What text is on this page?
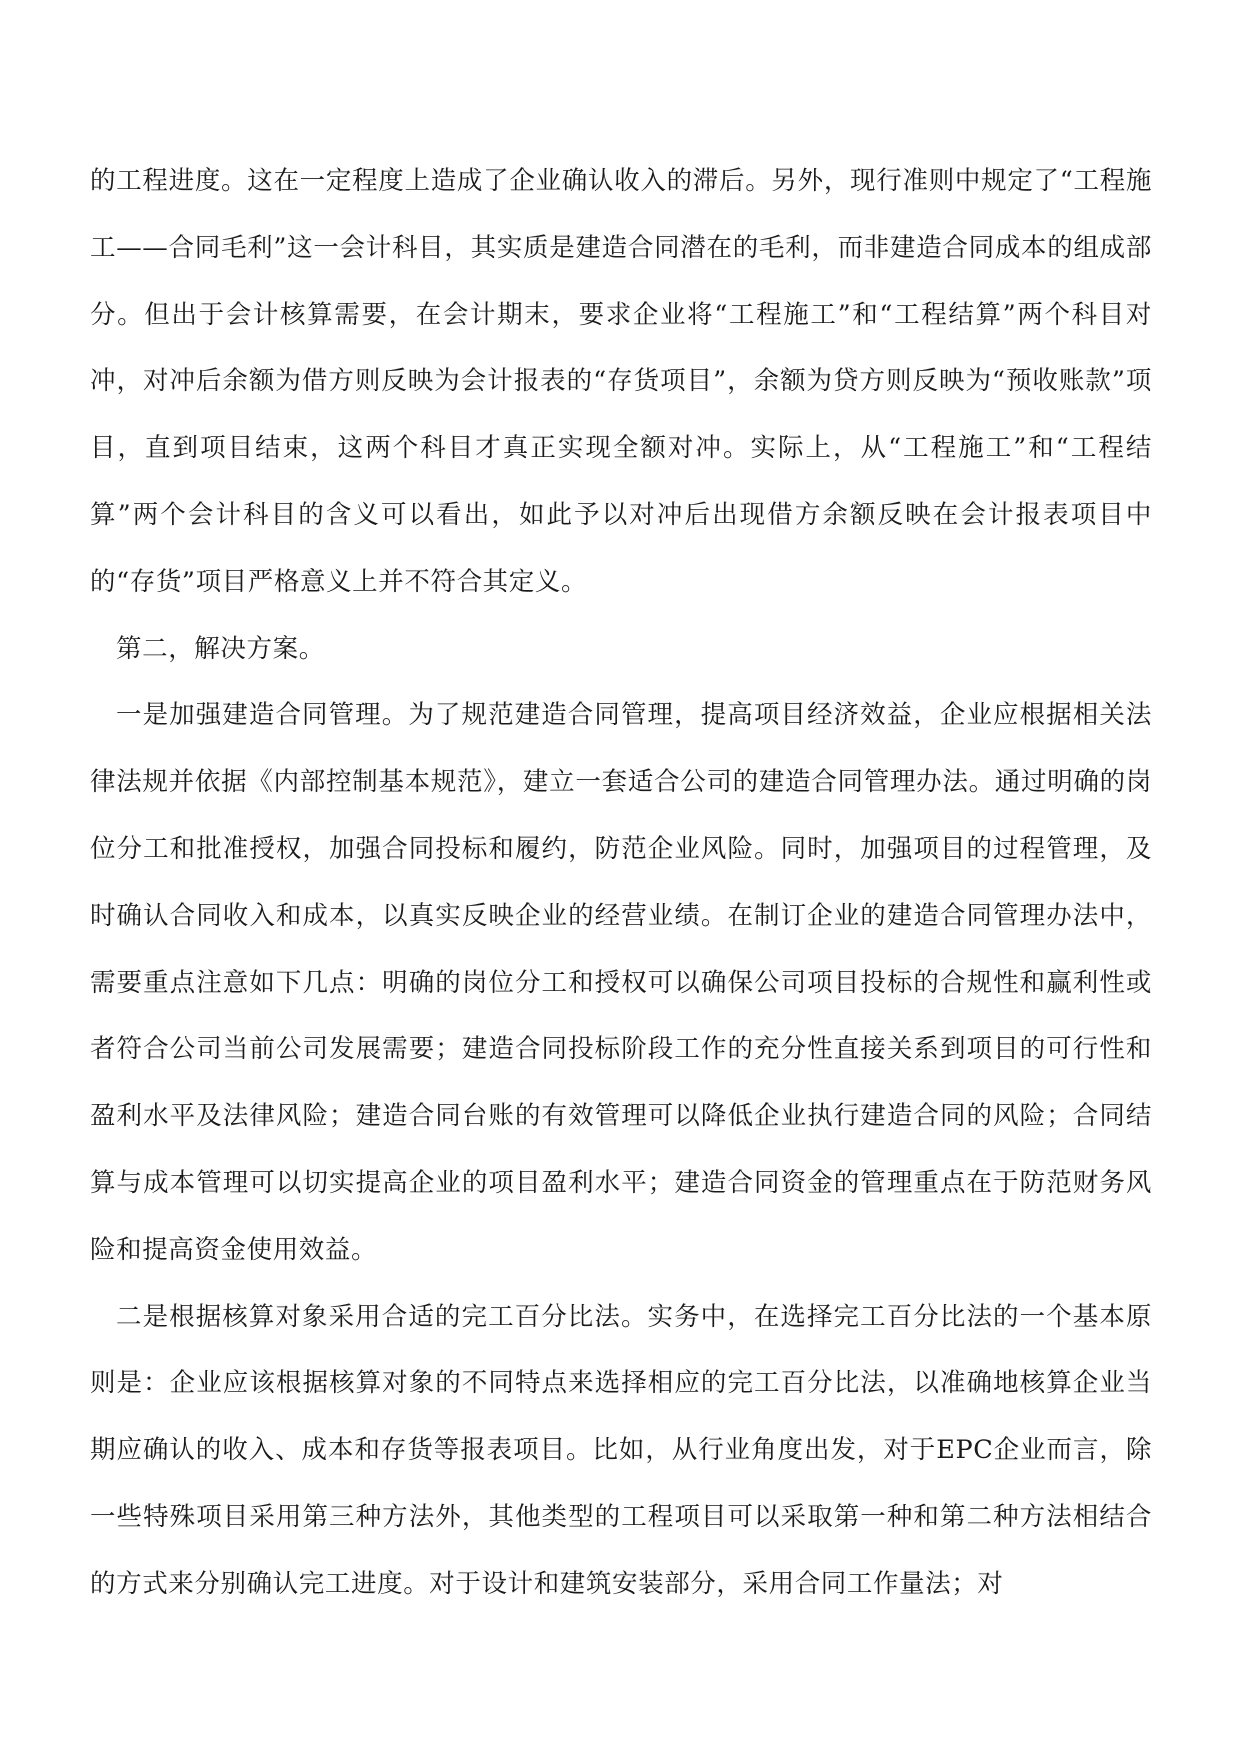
的工程进度。这在一定程度上造成了企业确认收入的滞后。另外，现行准则中规定了“工程施工——合同毛利”这一会计科目，其实质是建造合同潜在的毛利，而非建造合同成本的组成部分。但出于会计核算需要，在会计期末，要求企业将“工程施工”和“工程结算”两个科目对冲，对冲后余额为借方则反映为会计报表的“存货项目”，余额为贷方则反映为“预收账款”项目，直到项目结束，这两个科目才真正实现全额对冲。实际上，从“工程施工”和“工程结算”两个会计科目的含义可以看出，如此予以对冲后出现借方余额反映在会计报表项目中的“存货”项目严格意义上并不符合其定义。

第二，解决方案。

一是加强建造合同管理。为了规范建造合同管理，提高项目经济效益，企业应根据相关法律法规并依据《内部控制基本规范》，建立一套适合公司的建造合同管理办法。通过明确的岗位分工和批准授权，加强合同投标和履约，防范企业风险。同时，加强项目的过程管理，及时确认合同收入和成本，以真实反映企业的经营业绩。在制订企业的建造合同管理办法中，需要重点注意如下几点：明确的岗位分工和授权可以确保公司项目投标的合规性和赢利性或者符合公司当前公司发展需要；建造合同投标阶段工作的充分性直接关系到项目的可行性和盈利水平及法律风险；建造合同台账的有效管理可以降低企业执行建造合同的风险；合同结算与成本管理可以切实提高企业的项目盈利水平；建造合同资金的管理重点在于防范财务风险和提高资金使用效益。

二是根据核算对象采用合适的完工百分比法。实务中，在选择完工百分比法的一个基本原则是：企业应该根据核算对象的不同特点来选择相应的完工百分比法，以准确地核算企业当期应确认的收入、成本和存货等报表项目。比如，从行业角度出发，对于EPC企业而言，除一些特殊项目采用第三种方法外，其他类型的工程项目可以采取第一种和第二种方法相结合的方式来分别确认完工进度。对于设计和建筑安装部分，采用合同工作量法；对
